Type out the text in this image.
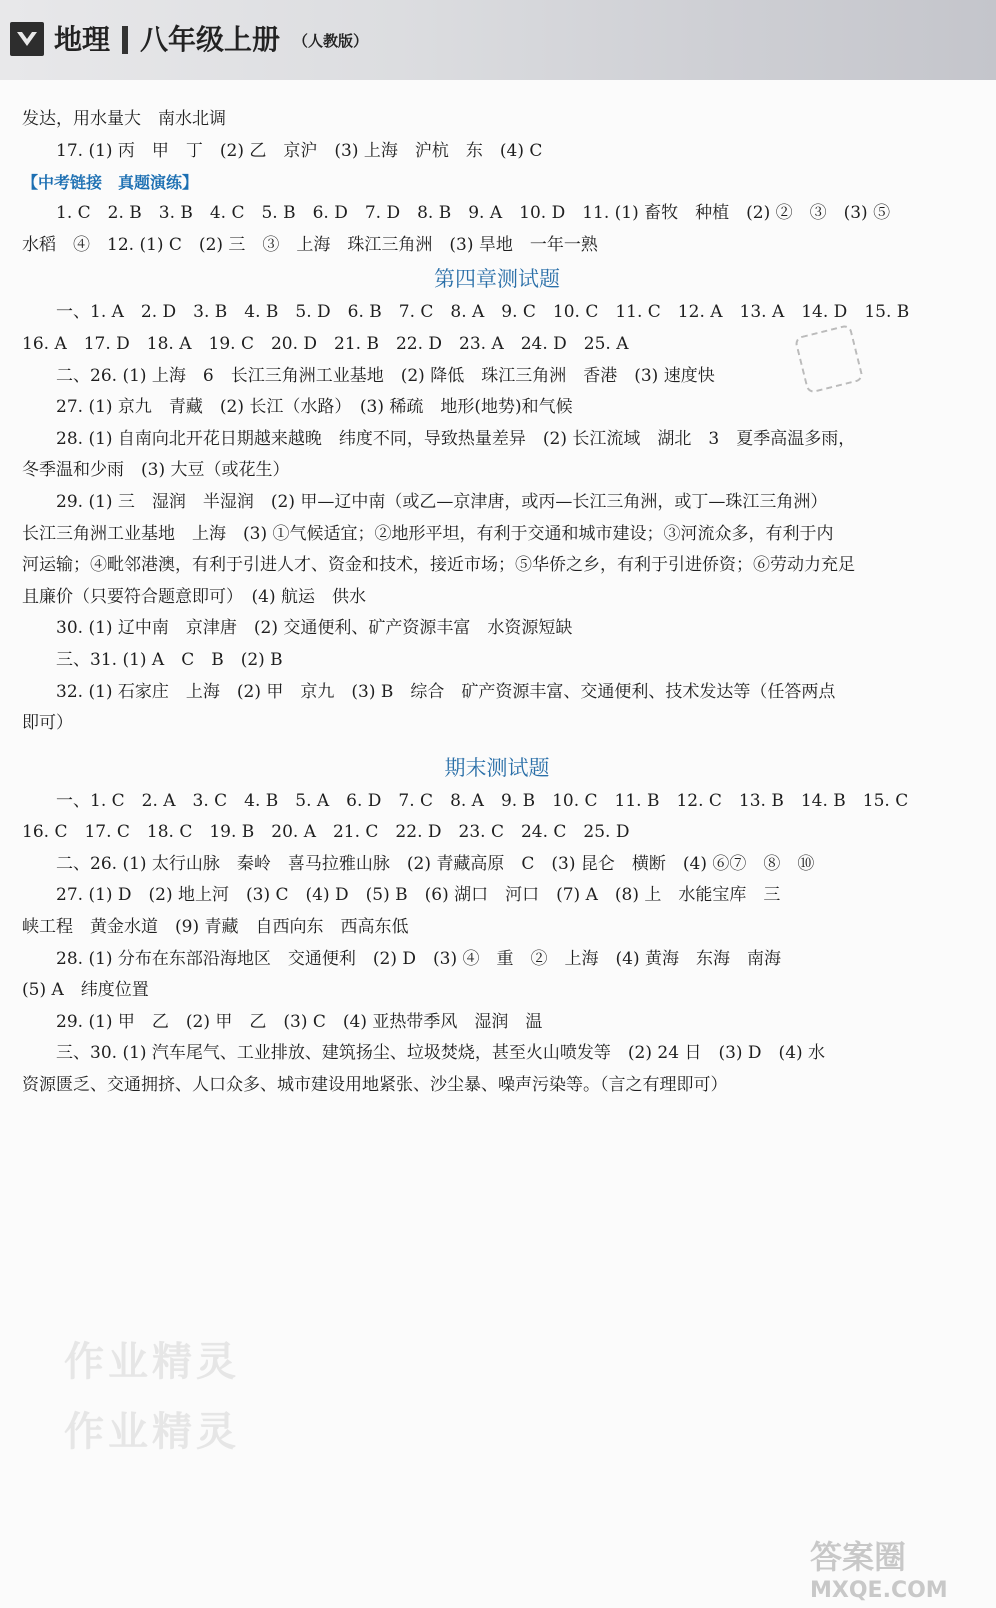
地理 八年级上册 （人教版）
发达，用水量大　南水北调
17. (1) 丙　甲　丁　(2) 乙　京沪　(3) 上海　沪杭　东　(4) C
【中考链接　真题演练】
1. C　2. B　3. B　4. C　5. B　6. D　7. D　8. B　9. A　10. D　11. (1) 畜牧　种植　(2) ②　③　(3) ⑤
水稻　④　12. (1) C　(2) 三　③　上海　珠江三角洲　(3) 旱地　一年一熟
第四章测试题
一、1. A　2. D　3. B　4. B　5. D　6. B　7. C　8. A　9. C　10. C　11. C　12. A　13. A　14. D　15. B
16. A　17. D　18. A　19. C　20. D　21. B　22. D　23. A　24. D　25. A
二、26. (1) 上海　6　长江三角洲工业基地　(2) 降低　珠江三角洲　香港　(3) 速度快
27. (1) 京九　青藏　(2) 长江（水路）　(3) 稀疏　地形(地势)和气候
28. (1) 自南向北开花日期越来越晚　纬度不同，导致热量差异　(2) 长江流域　湖北　3　夏季高温多雨，
冬季温和少雨　(3) 大豆（或花生）
29. (1) 三　湿润　半湿润　(2) 甲—辽中南（或乙—京津唐，或丙—长江三角洲，或丁—珠江三角洲）
长江三角洲工业基地　上海　(3) ①气候适宜；②地形平坦，有利于交通和城市建设；③河流众多，有利于内
河运输；④毗邻港澳，有利于引进人才、资金和技术，接近市场；⑤华侨之乡，有利于引进侨资；⑥劳动力充足
且廉价（只要符合题意即可）　(4) 航运　供水
30. (1) 辽中南　京津唐　(2) 交通便利、矿产资源丰富　水资源短缺
三、31. (1) A　C　B　(2) B
32. (1) 石家庄　上海　(2) 甲　京九　(3) B　综合　矿产资源丰富、交通便利、技术发达等（任答两点
即可）
期末测试题
一、1. C　2. A　3. C　4. B　5. A　6. D　7. C　8. A　9. B　10. C　11. B　12. C　13. B　14. B　15. C
16. C　17. C　18. C　19. B　20. A　21. C　22. D　23. C　24. C　25. D
二、26. (1) 太行山脉　秦岭　喜马拉雅山脉　(2) 青藏高原　C　(3) 昆仑　横断　(4) ⑥⑦　⑧　⑩
27. (1) D　(2) 地上河　(3) C　(4) D　(5) B　(6) 湖口　河口　(7) A　(8) 上　水能宝库　三
峡工程　黄金水道　(9) 青藏　自西向东　西高东低
28. (1) 分布在东部沿海地区　交通便利　(2) D　(3) ④　重　②　上海　(4) 黄海　东海　南海
(5) A　纬度位置
29. (1) 甲　乙　(2) 甲　乙　(3) C　(4) 亚热带季风　湿润　温
三、30. (1) 汽车尾气、工业排放、建筑扬尘、垃圾焚烧，甚至火山喷发等　(2) 24 日　(3) D　(4) 水
资源匮乏、交通拥挤、人口众多、城市建设用地紧张、沙尘暴、噪声污染等。（言之有理即可）
作业精灵
作业精灵
答案圈
MXQE.COM
